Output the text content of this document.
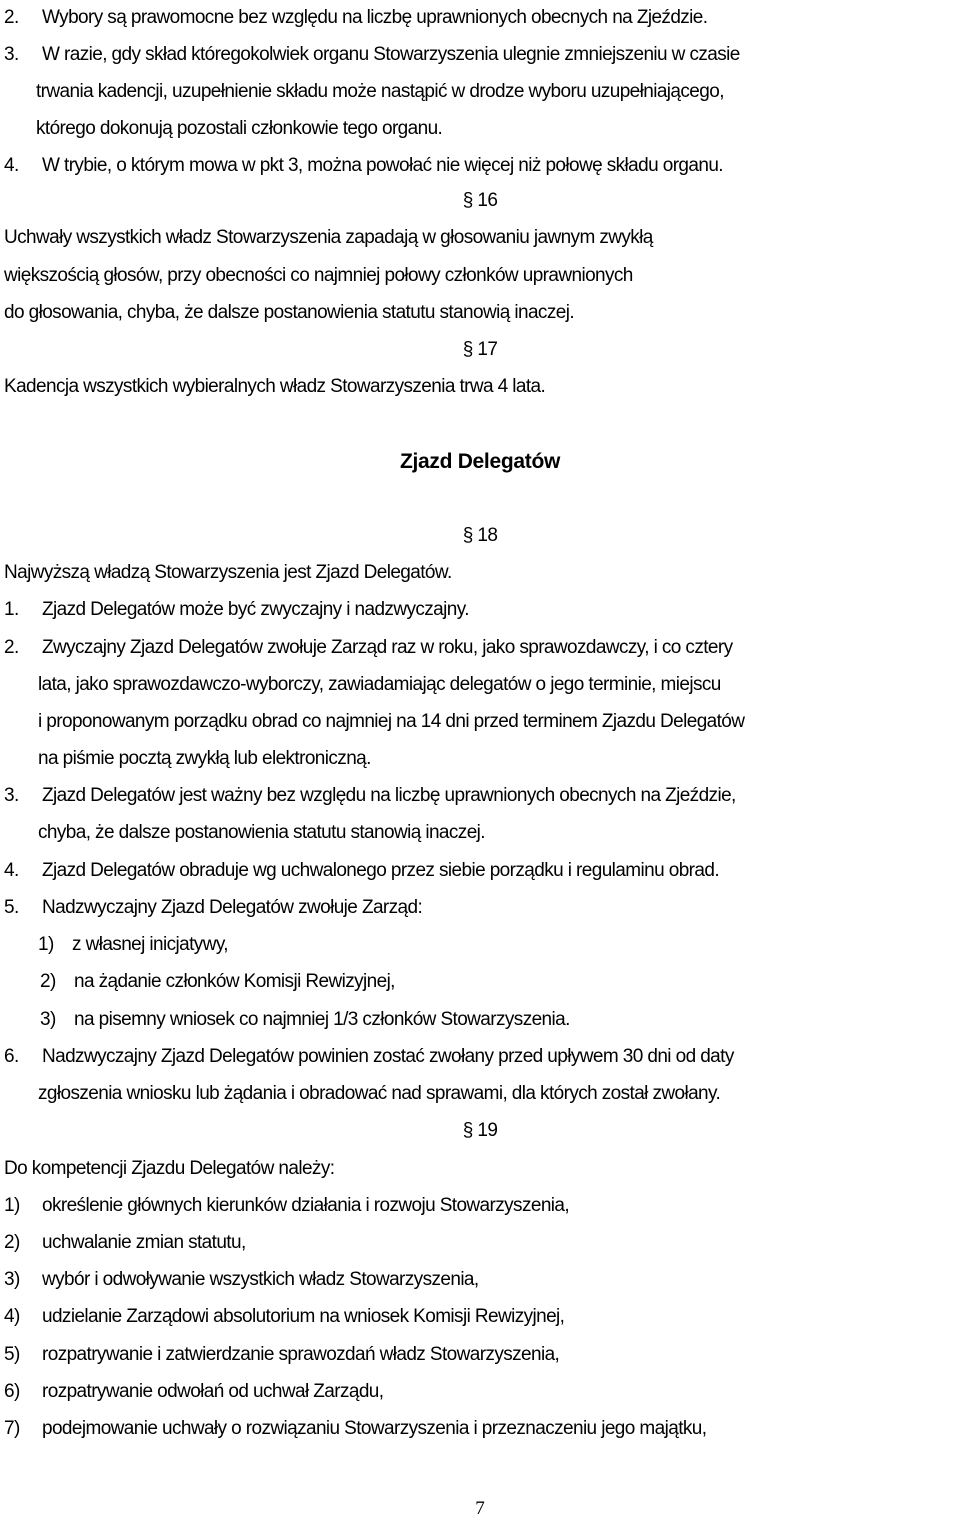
2. Wybory są prawomocne bez względu na liczbę uprawnionych obecnych na Zjeździe.

3. W razie, gdy skład któregokolwiek organu Stowarzyszenia ulegnie zmniejszeniu w czasie

trwania kadencji, uzupełnienie składu może nastąpić w drodze wyboru uzupełniającego,

którego dokonują pozostali członkowie tego organu.

4. W trybie, o którym mowa w pkt 3, można powołać nie więcej niż połowę składu organu.

§ 16

Uchwały wszystkich władz Stowarzyszenia zapadają w głosowaniu jawnym zwykłą

większością głosów, przy obecności co najmniej połowy członków uprawnionych

do głosowania, chyba, że dalsze postanowienia statutu stanowią inaczej.

§ 17

Kadencja wszystkich wybieralnych władz Stowarzyszenia trwa 4 lata.

Zjazd Delegatów

§ 18

Najwyższą władzą Stowarzyszenia jest Zjazd Delegatów.

1. Zjazd Delegatów może być zwyczajny i nadzwyczajny.

2. Zwyczajny Zjazd Delegatów zwołuje Zarząd raz w roku, jako sprawozdawczy, i co cztery

lata, jako sprawozdawczo-wyborczy, zawiadamiając delegatów o jego terminie, miejscu

i proponowanym porządku obrad co najmniej na 14 dni przed terminem Zjazdu Delegatów

na piśmie pocztą zwykłą lub elektroniczną.

3. Zjazd Delegatów jest ważny bez względu na liczbę uprawnionych obecnych na Zjeździe,

chyba, że dalsze postanowienia statutu stanowią inaczej.

4. Zjazd Delegatów obraduje wg uchwalonego przez siebie porządku i regulaminu obrad.

5. Nadzwyczajny Zjazd Delegatów zwołuje Zarząd:

1) z własnej inicjatywy,

2) na żądanie członków Komisji Rewizyjnej,

3) na pisemny wniosek co najmniej 1/3 członków Stowarzyszenia.

6. Nadzwyczajny Zjazd Delegatów powinien zostać zwołany przed upływem 30 dni od daty

zgłoszenia wniosku lub żądania i obradować nad sprawami, dla których został zwołany.

§ 19

Do kompetencji Zjazdu Delegatów należy:

1) określenie głównych kierunków działania i rozwoju Stowarzyszenia,

2) uchwalanie zmian statutu,

3) wybór i odwoływanie wszystkich władz Stowarzyszenia,

4) udzielanie Zarządowi absolutorium na wniosek Komisji Rewizyjnej,

5) rozpatrywanie i zatwierdzanie sprawozdań władz Stowarzyszenia,

6) rozpatrywanie odwołań od uchwał Zarządu,

7) podejmowanie uchwały o rozwiązaniu Stowarzyszenia i przeznaczeniu jego majątku,

7
